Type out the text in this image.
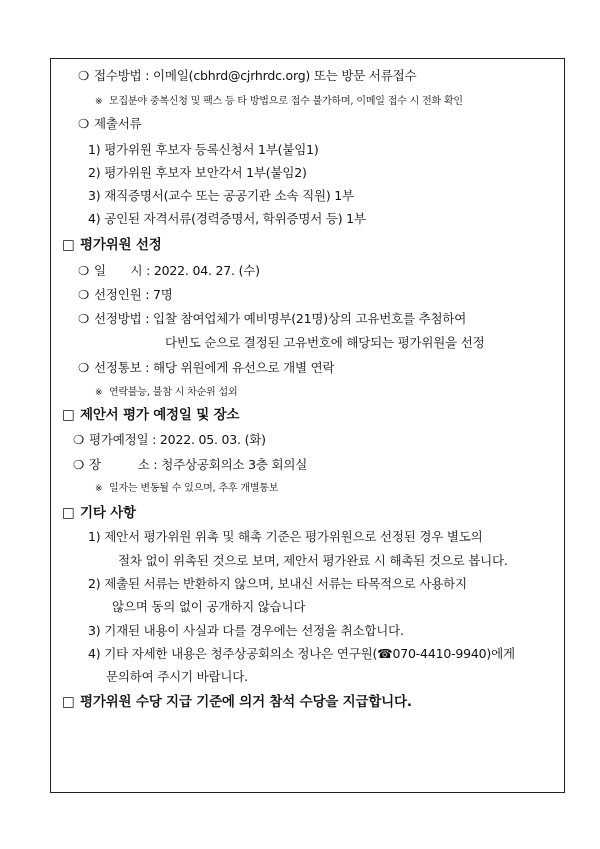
❍ 접수방법 : 이메일(cbhrd@cjrhrdc.org) 또는 방문 서류접수
※ 모집분야 중복신청 및 팩스 등 타 방법으로 접수 불가하며, 이메일 접수 시 전화 확인
❍ 제출서류
1) 평가위원 후보자 등록신청서 1부(붙임1)
2) 평가위원 후보자 보안각서 1부(붙임2)
3) 재직증명서(교수 또는 공공기관 소속 직원) 1부
4) 공인된 자격서류(경력증명서, 학위증명서 등) 1부
□ 평가위원 선정
❍ 일　　시 : 2022. 04. 27. (수)
❍ 선정인원 : 7명
❍ 선정방법 : 입찰 참여업체가 예비명부(21명)상의 고유번호를 추첨하여
다빈도 순으로 결정된 고유번호에 해당되는 평가위원을 선정
❍ 선정통보 : 해당 위원에게 유선으로 개별 연락
※ 연락불능, 불참 시 차순위 섭외
□ 제안서 평가 예정일 및 장소
❍ 평가예정일 : 2022. 05. 03. (화)
❍ 장　　　소 : 청주상공회의소 3층 회의실
※ 일자는 변동될 수 있으며, 추후 개별통보
□ 기타 사항
1) 제안서 평가위원 위촉 및 해촉 기준은 평가위원으로 선정된 경우 별도의
절차 없이 위촉된 것으로 보며, 제안서 평가완료 시 해촉된 것으로 봅니다.
2) 제출된 서류는 반환하지 않으며, 보내신 서류는 타목적으로 사용하지
않으며 동의 없이 공개하지 않습니다
3) 기재된 내용이 사실과 다를 경우에는 선정을 취소합니다.
4) 기타 자세한 내용은 청주상공회의소 정나은 연구원(☎070-4410-9940)에게
문의하여 주시기 바랍니다.
□ 평가위원 수당 지급 기준에 의거 참석 수당을 지급합니다.
